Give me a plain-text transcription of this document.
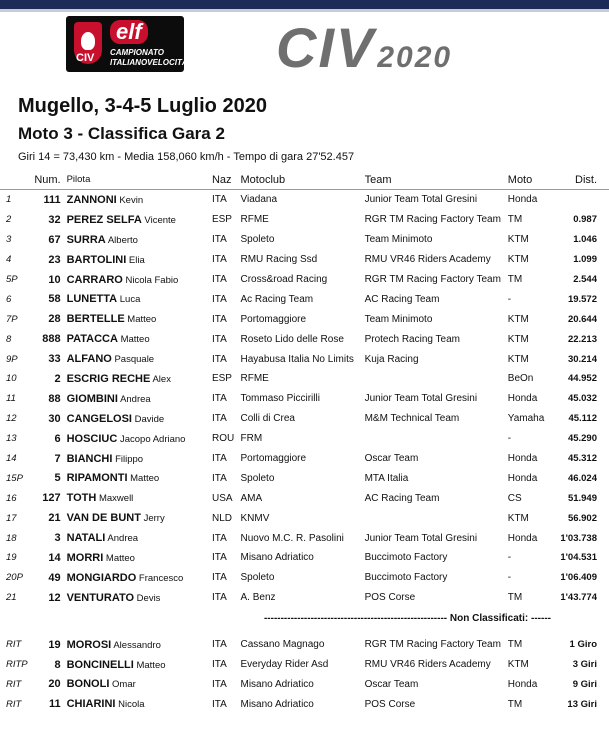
elf
CAMPIONATO
ITALIANOVELOCITÀ
CIV	CIV2020
Mugello, 3-4-5 Luglio 2020
Moto 3 - Classifica Gara 2
Giri 14 = 73,430 km - Media 158,060 km/h - Tempo di gara 27'52.457
	Num.	Pilota	Naz	Motoclub	Team	Moto	Dist.
1	111	ZANNONI Kevin	ITA	Viadana	Junior Team Total Gresini	Honda	
2	32	PEREZ SELFA Vicente	ESP	RFME	RGR TM Racing Factory Team	TM	0.987
3	67	SURRA Alberto	ITA	Spoleto	Team Minimoto	KTM	1.046
4	23	BARTOLINI Elia	ITA	RMU Racing Ssd	RMU VR46 Riders Academy	KTM	1.099
5P	10	CARRARO Nicola Fabio	ITA	Cross&road Racing	RGR TM Racing Factory Team	TM	2.544
6	58	LUNETTA Luca	ITA	Ac Racing Team	AC Racing Team	-	19.572
7P	28	BERTELLE Matteo	ITA	Portomaggiore	Team Minimoto	KTM	20.644
8	888	PATACCA Matteo	ITA	Roseto Lido delle Rose	Protech Racing Team	KTM	22.213
9P	33	ALFANO Pasquale	ITA	Hayabusa Italia No Limits	Kuja Racing	KTM	30.214
10	2	ESCRIG RECHE Alex	ESP	RFME		BeOn	44.952
11	88	GIOMBINI Andrea	ITA	Tommaso Piccirilli	Junior Team Total Gresini	Honda	45.032
12	30	CANGELOSI Davide	ITA	Colli di Crea	M&M Technical Team	Yamaha	45.112
13	6	HOSCIUC Jacopo Adriano	ROU	FRM		-	45.290
14	7	BIANCHI Filippo	ITA	Portomaggiore	Oscar Team	Honda	45.312
15P	5	RIPAMONTI Matteo	ITA	Spoleto	MTA Italia	Honda	46.024
16	127	TOTH Maxwell	USA	AMA	AC Racing Team	CS	51.949
17	21	VAN DE BUNT Jerry	NLD	KNMV		KTM	56.902
18	3	NATALI Andrea	ITA	Nuovo M.C. R. Pasolini	Junior Team Total Gresini	Honda	1'03.738
19	14	MORRI Matteo	ITA	Misano Adriatico	Buccimoto Factory	-	1'04.531
20P	49	MONGIARDO Francesco	ITA	Spoleto	Buccimoto Factory	-	1'06.409
21	12	VENTURATO Devis	ITA	A. Benz	POS Corse	TM	1'43.774
------------------------------------------------------- Non Classificati: ------							

RIT	19	MOROSI Alessandro	ITA	Cassano Magnago	RGR TM Racing Factory Team	TM	1 Giro
RITP	8	BONCINELLI Matteo	ITA	Everyday Rider Asd	RMU VR46 Riders Academy	KTM	3 Giri
RIT	20	BONOLI Omar	ITA	Misano Adriatico	Oscar Team	Honda	9 Giri
RIT	11	CHIARINI Nicola	ITA	Misano Adriatico	POS Corse	TM	13 Giri
